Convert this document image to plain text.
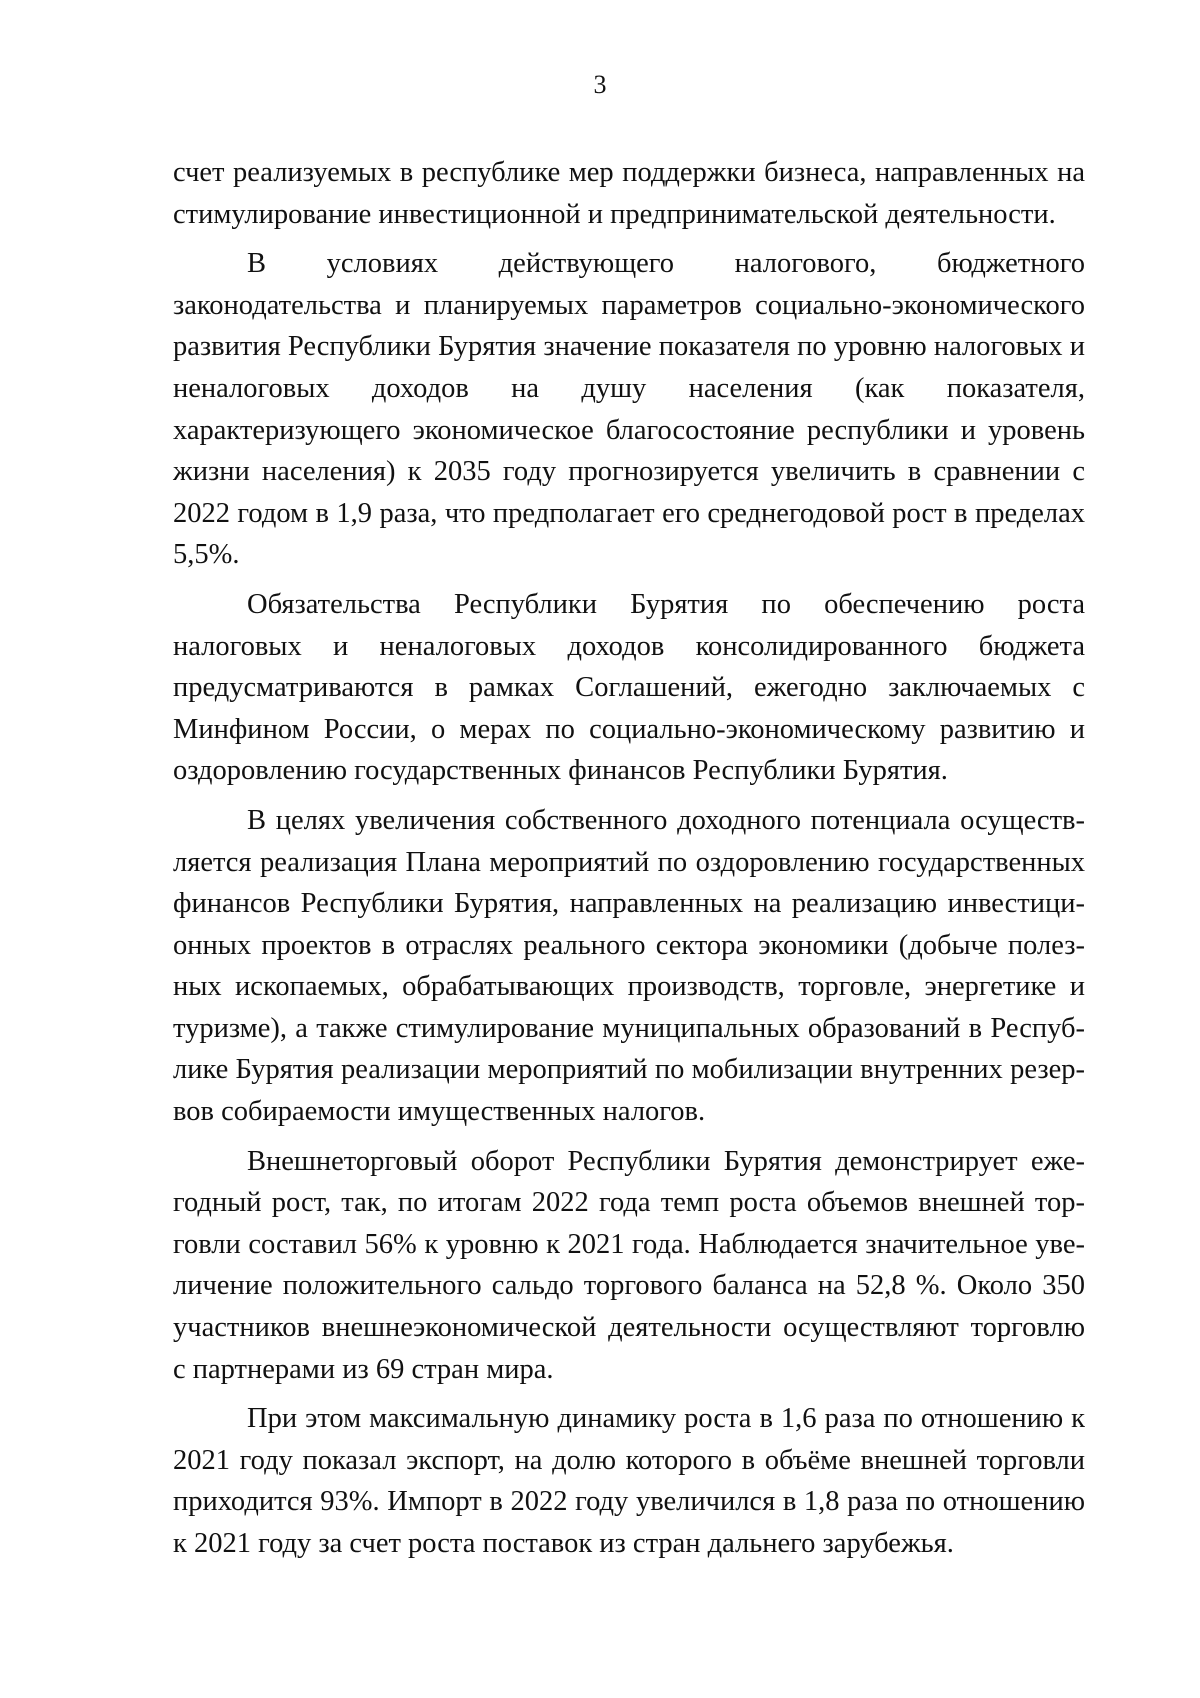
3

счет реализуемых в республике мер поддержки бизнеса, направленных на стимулирование инвестиционной и предпринимательской деятельности.

В условиях действующего налогового, бюджетного законодательства и планируемых параметров социально-экономического развития Республики Бурятия значение показателя по уровню налоговых и неналоговых доходов на душу населения (как показателя, характеризующего экономическое благосостояние республики и уровень жизни населения) к 2035 году прогнозируется увеличить в сравнении с 2022 годом в 1,9 раза, что предполагает его среднегодовой рост в пределах 5,5%.

Обязательства Республики Бурятия по обеспечению роста налоговых и неналоговых доходов консолидированного бюджета предусматриваются в рамках Соглашений, ежегодно заключаемых с Минфином России, о мерах по социально-экономическому развитию и оздоровлению государственных финансов Республики Бурятия.

В целях увеличения собственного доходного потенциала осуществляется реализация Плана мероприятий по оздоровлению государственных финансов Республики Бурятия, направленных на реализацию инвестиционных проектов в отраслях реального сектора экономики (добыче полезных ископаемых, обрабатывающих производств, торговле, энергетике и туризме), а также стимулирование муниципальных образований в Республике Бурятия реализации мероприятий по мобилизации внутренних резервов собираемости имущественных налогов.

Внешнеторговый оборот Республики Бурятия демонстрирует ежегодный рост, так, по итогам 2022 года темп роста объемов внешней торговли составил 56% к уровню к 2021 года. Наблюдается значительное увеличение положительного сальдо торгового баланса на 52,8 %. Около 350 участников внешнеэкономической деятельности осуществляют торговлю с партнерами из 69 стран мира.

При этом максимальную динамику роста в 1,6 раза по отношению к 2021 году показал экспорт, на долю которого в объёме внешней торговли приходится 93%. Импорт в 2022 году увеличился в 1,8 раза по отношению к 2021 году за счет роста поставок из стран дальнего зарубежья.
